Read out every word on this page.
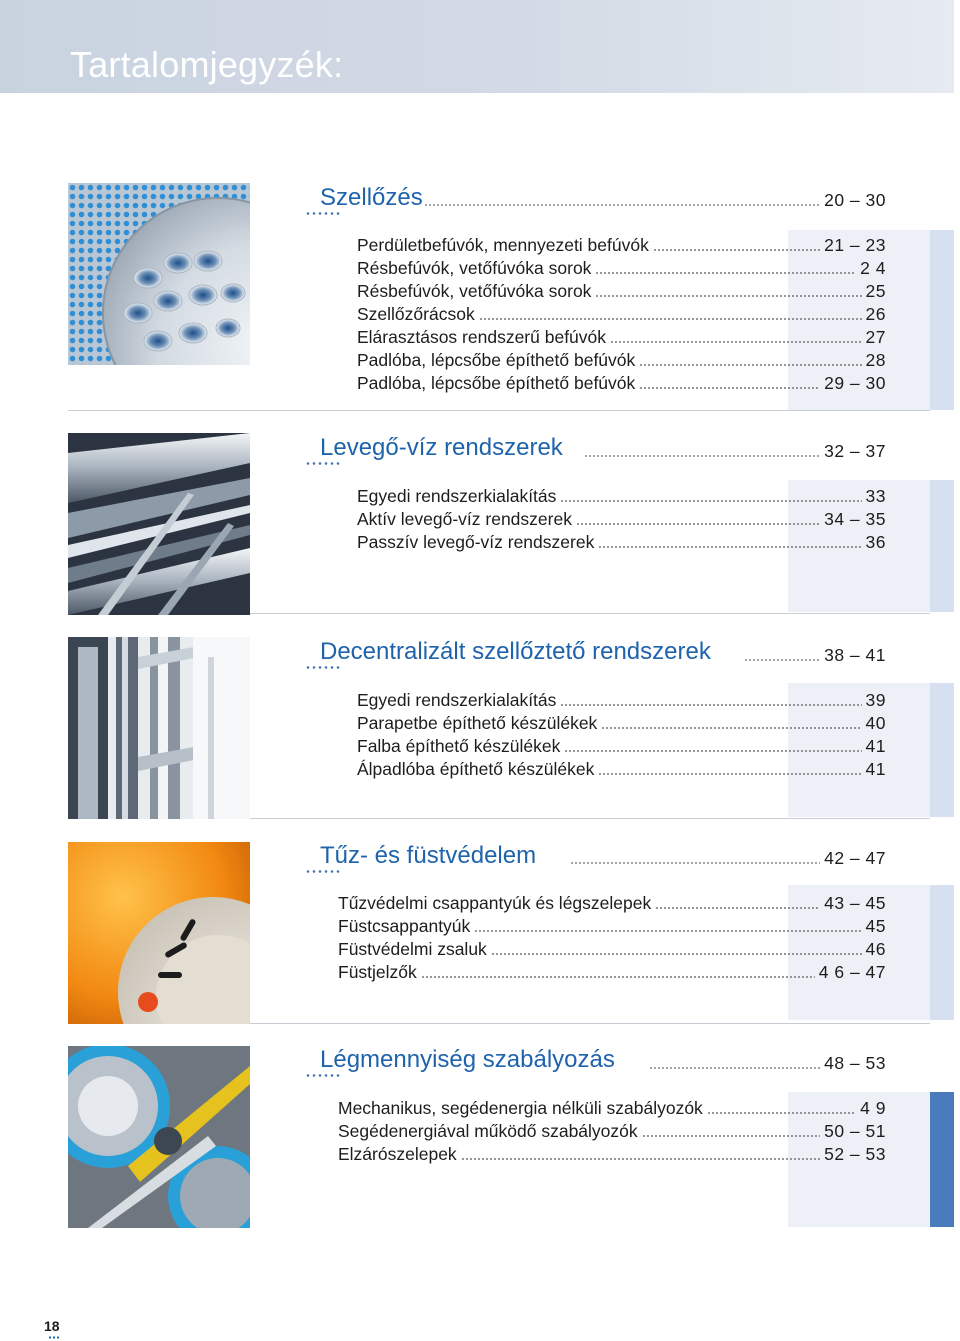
Tartalomjegyzék:
Szellőzés	20 – 30
Perdületbefúvók, mennyezeti befúvók	21 – 23
Résbefúvók, vetőfúvóka sorok	2 4
Résbefúvók, vetőfúvóka sorok	25
Szellőzőrácsok	26
Elárasztásos rendszerű befúvók	27
Padlóba, lépcsőbe építhető befúvók	28
Padlóba, lépcsőbe építhető befúvók	29 – 30
Levegő-víz rendszerek	32 – 37
Egyedi rendszerkialakítás	33
Aktív levegő-víz rendszerek	34 – 35
Passzív levegő-víz rendszerek	36
Decentralizált szellőztető rendszerek	38 – 41
Egyedi rendszerkialakítás	39
Parapetbe építhető készülékek	40
Falba építhető készülékek	41
Álpadlóba építhető készülékek	41
Tűz- és füstvédelem	42 – 47
Tűzvédelmi csappantyúk és légszelepek	43 – 45
Füstcsappantyúk	45
Füstvédelmi zsaluk	46
Füstjelzők	4 6 – 47
Légmennyiség szabályozás	48 – 53
Mechanikus, segédenergia nélküli szabályozók	4 9
Segédenergiával működő szabályozók	50 – 51
Elzárószelepek	52 – 53
18
